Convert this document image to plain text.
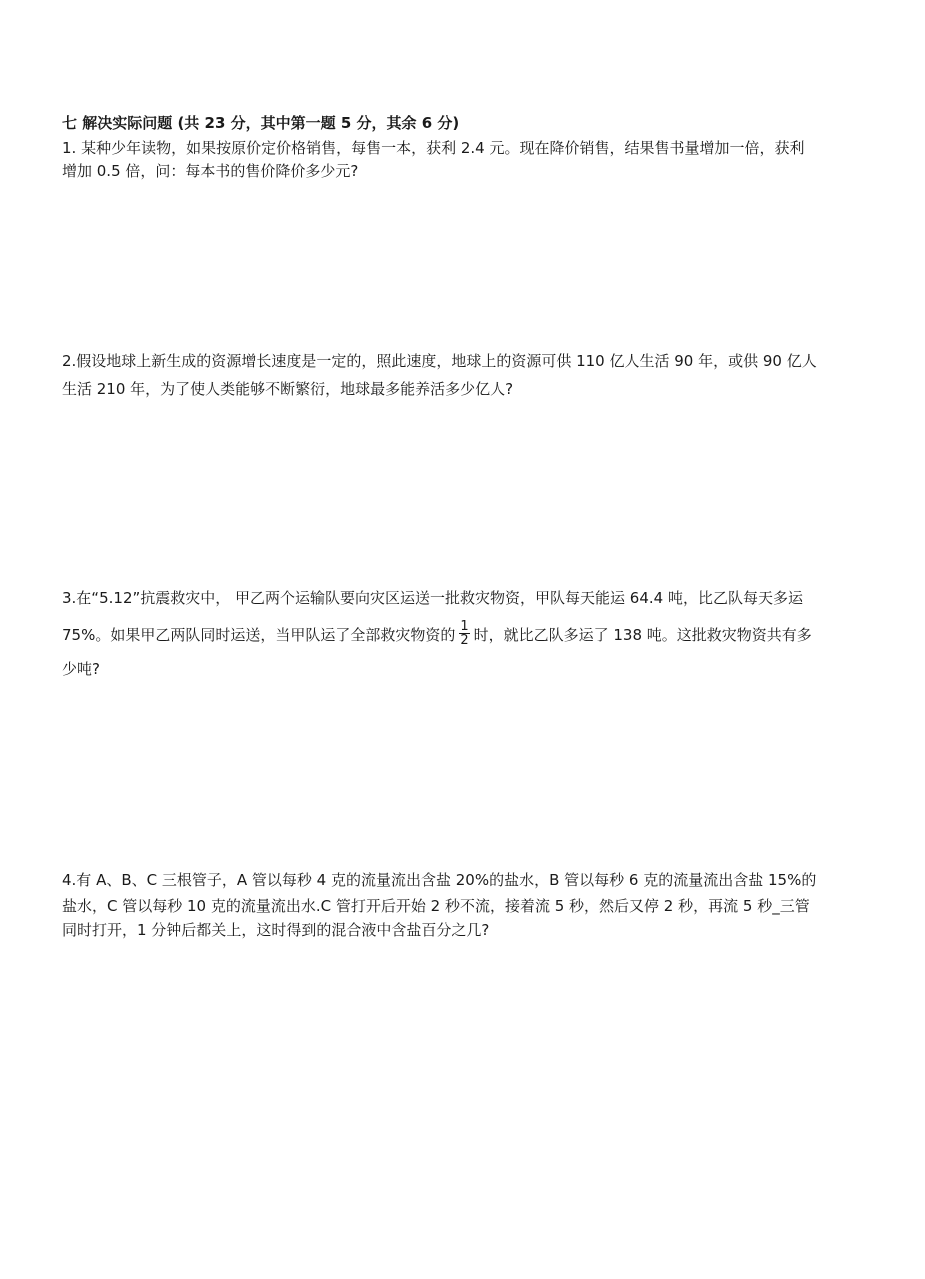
七 解决实际问题 (共 23 分，其中第一题 5 分，其余 6 分)
1. 某种少年读物，如果按原价定价格销售，每售一本，获利 2.4 元。现在降价销售，结果售书量增加一倍，获利
增加 0.5 倍，问：每本书的售价降价多少元?
2.假设地球上新生成的资源增长速度是一定的，照此速度，地球上的资源可供 110 亿人生活 90 年，或供 90 亿人
生活 210 年，为了使人类能够不断繁衍，地球最多能养活多少亿人?
3.在“5.12”抗震救灾中， 甲乙两个运输队要向灾区运送一批救灾物资，甲队每天能运 64.4 吨，比乙队每天多运
75%。如果甲乙两队同时运送，当甲队运了全部救灾物资的 $\frac{1}{2}$ 时，就比乙队多运了 138 吨。这批救灾物资共有多
少吨?
4.有 A、B、C 三根管子，A 管以每秒 4 克的流量流出含盐 20%的盐水，B 管以每秒 6 克的流量流出含盐 15%的
盐水，C 管以每秒 10 克的流量流出水.C 管打开后开始 2 秒不流，接着流 5 秒，然后又停 2 秒，再流 5 秒_三管
同时打开，1 分钟后都关上，这时得到的混合液中含盐百分之几?
